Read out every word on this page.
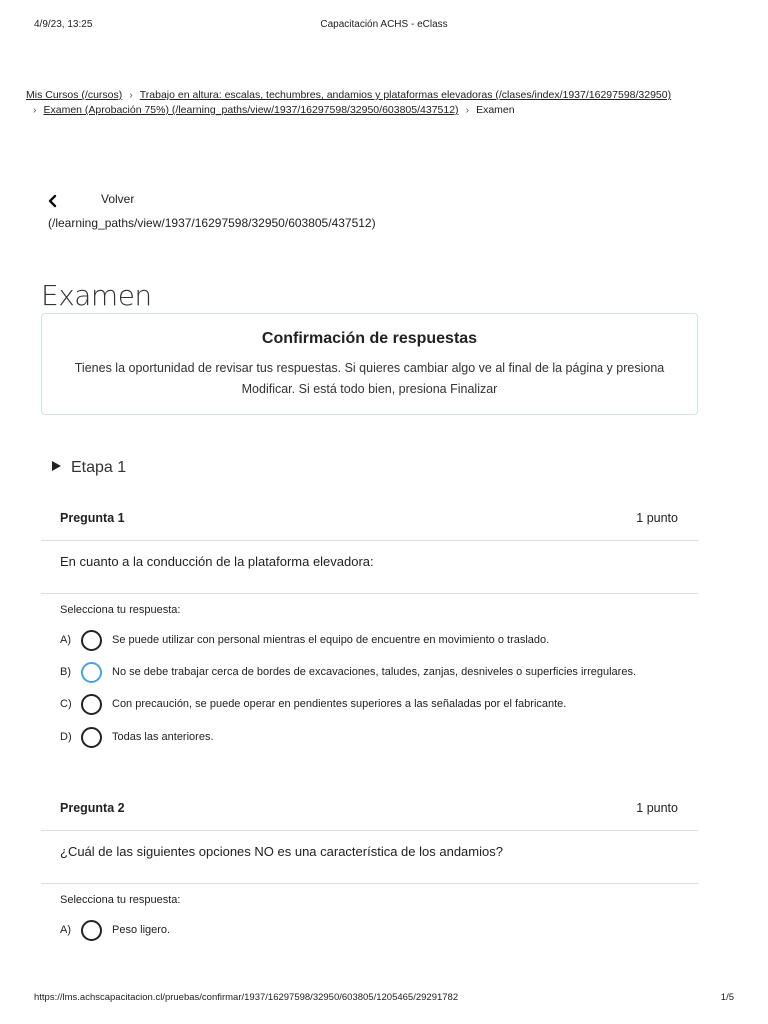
4/9/23, 13:25	Capacitación ACHS - eClass
Mis Cursos (/cursos) › Trabajo en altura: escalas, techumbres, andamios y plataformas elevadoras (/clases/index/1937/16297598/32950)
› Examen (Aprobación 75%) (/learning_paths/view/1937/16297598/32950/603805/437512) › Examen
Volver
(/learning_paths/view/1937/16297598/32950/603805/437512)
Examen
Confirmación de respuestas

Tienes la oportunidad de revisar tus respuestas. Si quieres cambiar algo ve al final de la página y presiona Modificar. Si está todo bien, presiona Finalizar

Etapa 1
Pregunta 1	1 punto
En cuanto a la conducción de la plataforma elevadora:
Selecciona tu respuesta:
A)	Se puede utilizar con personal mientras el equipo de encuentre en movimiento o traslado.
B)	No se debe trabajar cerca de bordes de excavaciones, taludes, zanjas, desniveles o superficies irregulares.
C)	Con precaución, se puede operar en pendientes superiores a las señaladas por el fabricante.
D)	Todas las anteriores.
Pregunta 2	1 punto
¿Cuál de las siguientes opciones NO es una característica de los andamios?
Selecciona tu respuesta:
A)	Peso ligero.
https://lms.achscapacitacion.cl/pruebas/confirmar/1937/16297598/32950/603805/1205465/29291782	1/5
